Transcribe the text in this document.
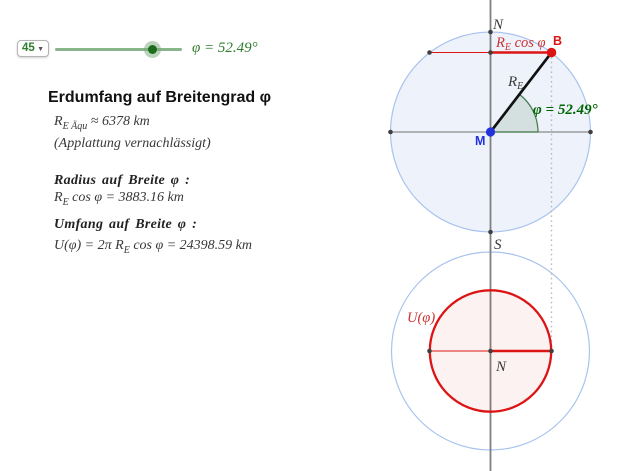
45 ▼	φ = 52.49°
Erdumfang auf Breitengrad φ
$R_{E Äqu} \approx 6378$ km
(Applattung vernachlässigt)
Radius auf Breite φ :
$R_E$ cos φ = 3883.16 km
Umfang auf Breite φ :
U(φ) = 2π $R_E$ cos φ = 24398.59 km
N
S
M
B
$R_E$ cos φ
$R_E$
φ = 52.49°
U(φ)
N
